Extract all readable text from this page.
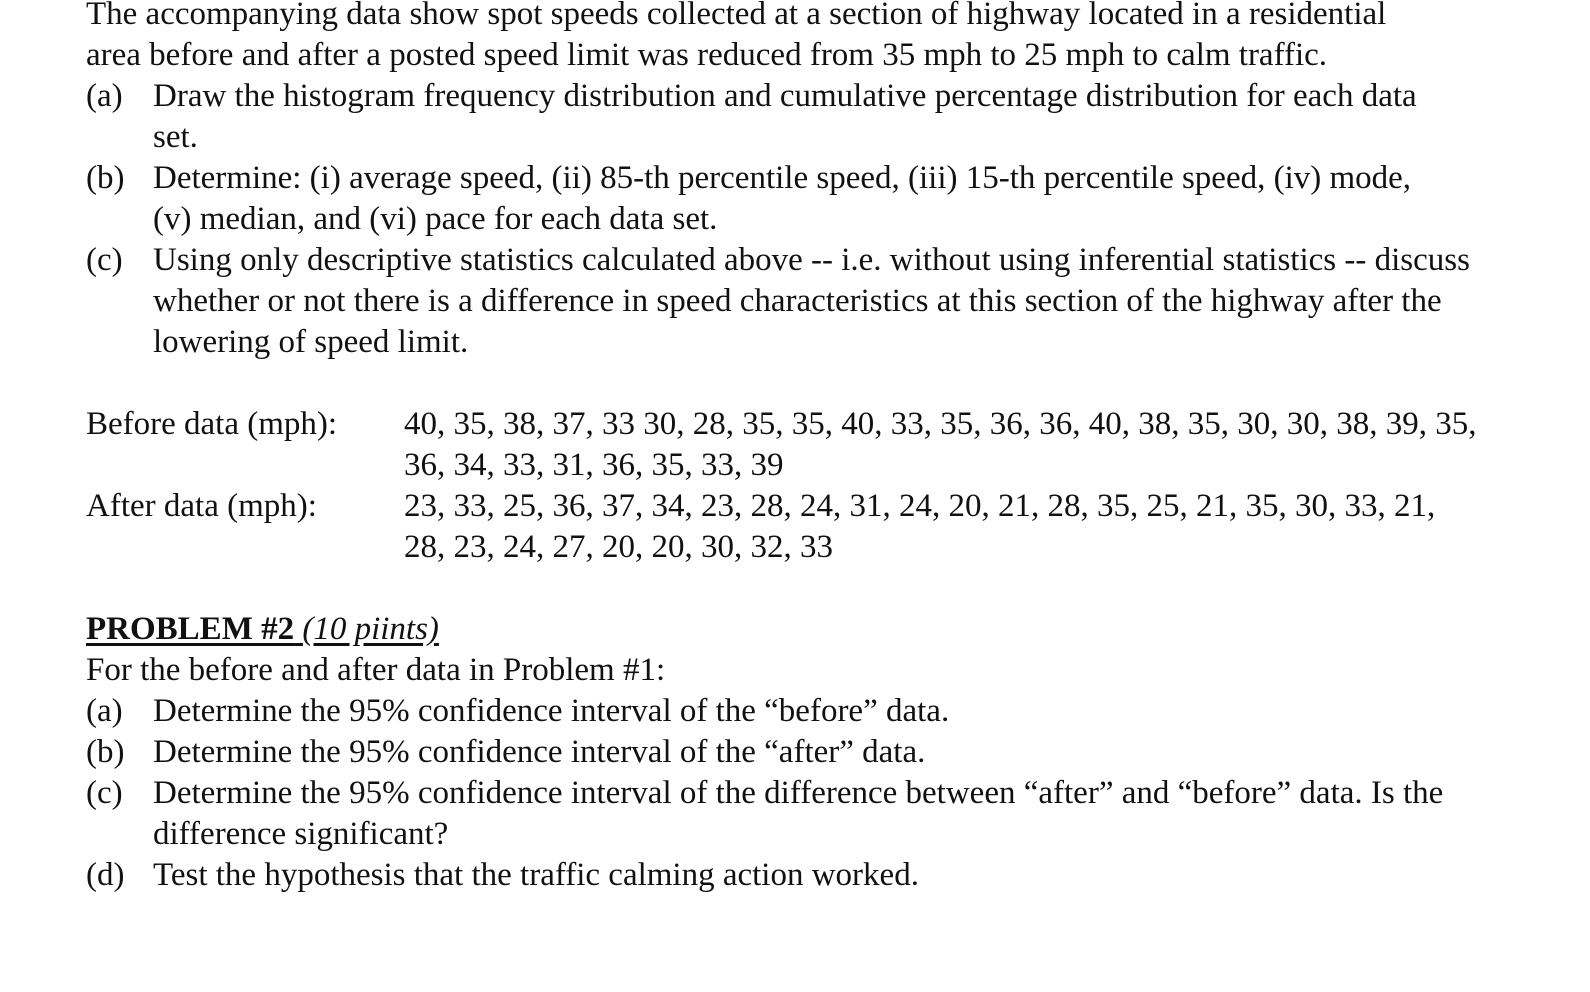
The accompanying data show spot speeds collected at a section of highway located in a residential area before and after a posted speed limit was reduced from 35 mph to 25 mph to calm traffic.

(a) Draw the histogram frequency distribution and cumulative percentage distribution for each data set.
(b) Determine: (i) average speed, (ii) 85-th percentile speed, (iii) 15-th percentile speed, (iv) mode, (v) median, and (vi) pace for each data set.
(c) Using only descriptive statistics calculated above -- i.e. without using inferential statistics -- discuss whether or not there is a difference in speed characteristics at this section of the highway after the lowering of speed limit.
Before data (mph): 40, 35, 38, 37, 33 30, 28, 35, 35, 40, 33, 35, 36, 36, 40, 38, 35, 30, 30, 38, 39, 35, 36, 34, 33, 31, 36, 35, 33, 39
After data (mph):	23, 33, 25, 36, 37, 34, 23, 28, 24, 31, 24, 20, 21, 28, 35, 25, 21, 35, 30, 33, 21, 28, 23, 24, 27, 20, 20, 30, 32, 33

PROBLEM #2 (10 piints)

For the before and after data in Problem #1:

(a) Determine the 95% confidence interval of the “before” data.
(b) Determine the 95% confidence interval of the “after” data.
(c) Determine the 95% confidence interval of the difference between “after” and “before” data. Is the difference significant?
(d) Test the hypothesis that the traffic calming action worked.
